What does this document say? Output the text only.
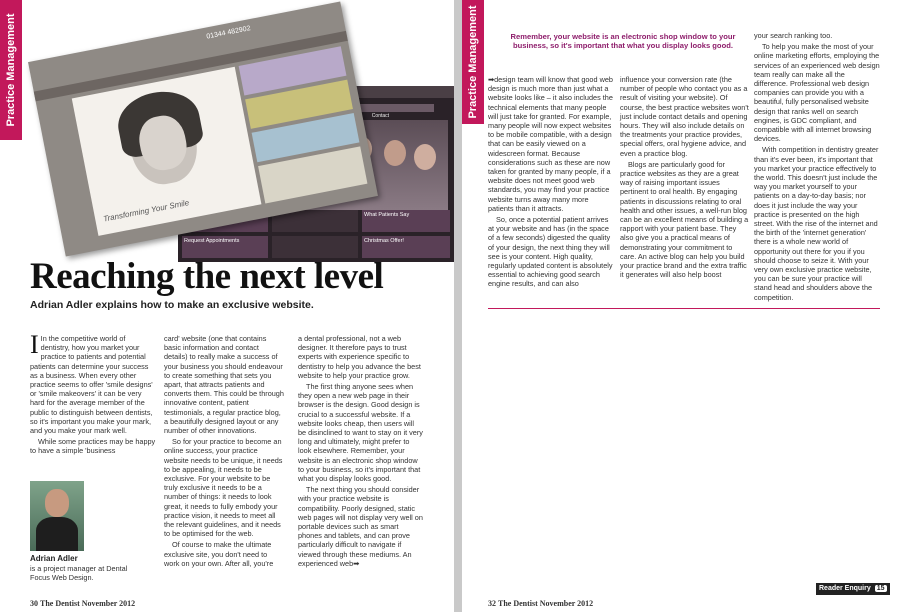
Practice Management	Contact
What Patients Say
Request Appointments	Christmas Offer!
01344 482902
Transforming Your Smile
Reaching the next level
Adrian Adler explains how to make an exclusive website.

I In the competitive world of dentistry, how you market your practice to patients and potential patients can determine your success as a business. When every other practice seems to offer 'smile designs' or 'smile makeovers' it can be very hard for the average member of the public to distinguish between dentists, so it's important you make your mark, and you make your mark well.

While some practices may be happy to have a simple 'business

Adrian Adler
is a project manager at Dental Focus Web Design.

card' website (one that contains basic information and contact details) to really make a success of your business you should endeavour to create something that sets you apart, that attracts patients and converts them. This could be through innovative content, patient testimonials, a regular practice blog, a beautifully designed layout or any number of other innovations.

So for your practice to become an online success, your practice website needs to be unique, it needs to be appealing, it needs to be exclusive. For your website to be truly exclusive it needs to be a number of things: it needs to look great, it needs to fully embody your practice vision, it needs to meet all the relevant guidelines, and it needs to be optimised for the web.

Of course to make the ultimate exclusive site, you don't need to work on your own. After all, you're

a dental professional, not a web designer. It therefore pays to trust experts with experience specific to dentistry to help you advance the best website to help your practice grow.

The first thing anyone sees when they open a new web page in their browser is the design. Good design is crucial to a successful website. If a website looks cheap, then users will be disinclined to want to stay on it very long and ultimately, might prefer to look elsewhere. Remember, your website is an electronic shop window to your business, so it's important that what you display looks good.

The next thing you should consider with your practice website is compatibility. Poorly designed, static web pages will not display very well on portable devices such as smart phones and tablets, and can prove particularly difficult to navigate if viewed through these mediums. An experienced web➡

30 The Dentist November 2012
Practice Management	Remember, your website is an electronic shop window to your business, so it's important that what you display looks good.

➡design team will know that good web design is much more than just what a website looks like – it also includes the technical elements that many people will just take for granted. For example, many people will now expect websites to be mobile compatible, with a design that can be easily viewed on a widescreen format. Because considerations such as these are now taken for granted by many people, if a website does not meet good web standards, you may find your practice website turns away many more patients than it attracts.

So, once a potential patient arrives at your website and has (in the space of a few seconds) digested the quality of your design, the next thing they will see is your content. High quality, regularly updated content is absolutely essential to achieving good search engine results, and can also

influence your conversion rate (the number of people who contact you as a result of visiting your website). Of course, the best practice websites won't just include contact details and opening hours. They will also include details on the treatments your practice provides, special offers, oral hygiene advice, and even a practice blog.

Blogs are particularly good for practice websites as they are a great way of raising important issues pertinent to oral health. By engaging patients in discussions relating to oral health and other issues, a well-run blog can be an excellent means of building a rapport with your patient base. They also give you a practical means of demonstrating your commitment to care. An active blog can help you build your practice brand and the extra traffic it generates will also help boost

your search ranking too.

To help you make the most of your online marketing efforts, employing the services of an experienced web design team really can make all the difference. Professional web design companies can provide you with a beautiful, fully personalised website design that ranks well on search engines, is GDC compliant, and compatible with all internet browsing devices.

With competition in dentistry greater than it's ever been, it's important that you market your practice effectively to the world. This doesn't just include the way you market yourself to your patients on a day-to-day basis; nor does it just include the way your practice is presented on the high street. With the rise of the internet and the birth of the 'internet generation' there is a whole new world of opportunity out there for you if you should choose to seize it. With your very own exclusive practice website, you can be sure your practice will stand head and shoulders above the competition.

Reader Enquiry 15
32 The Dentist November 2012
